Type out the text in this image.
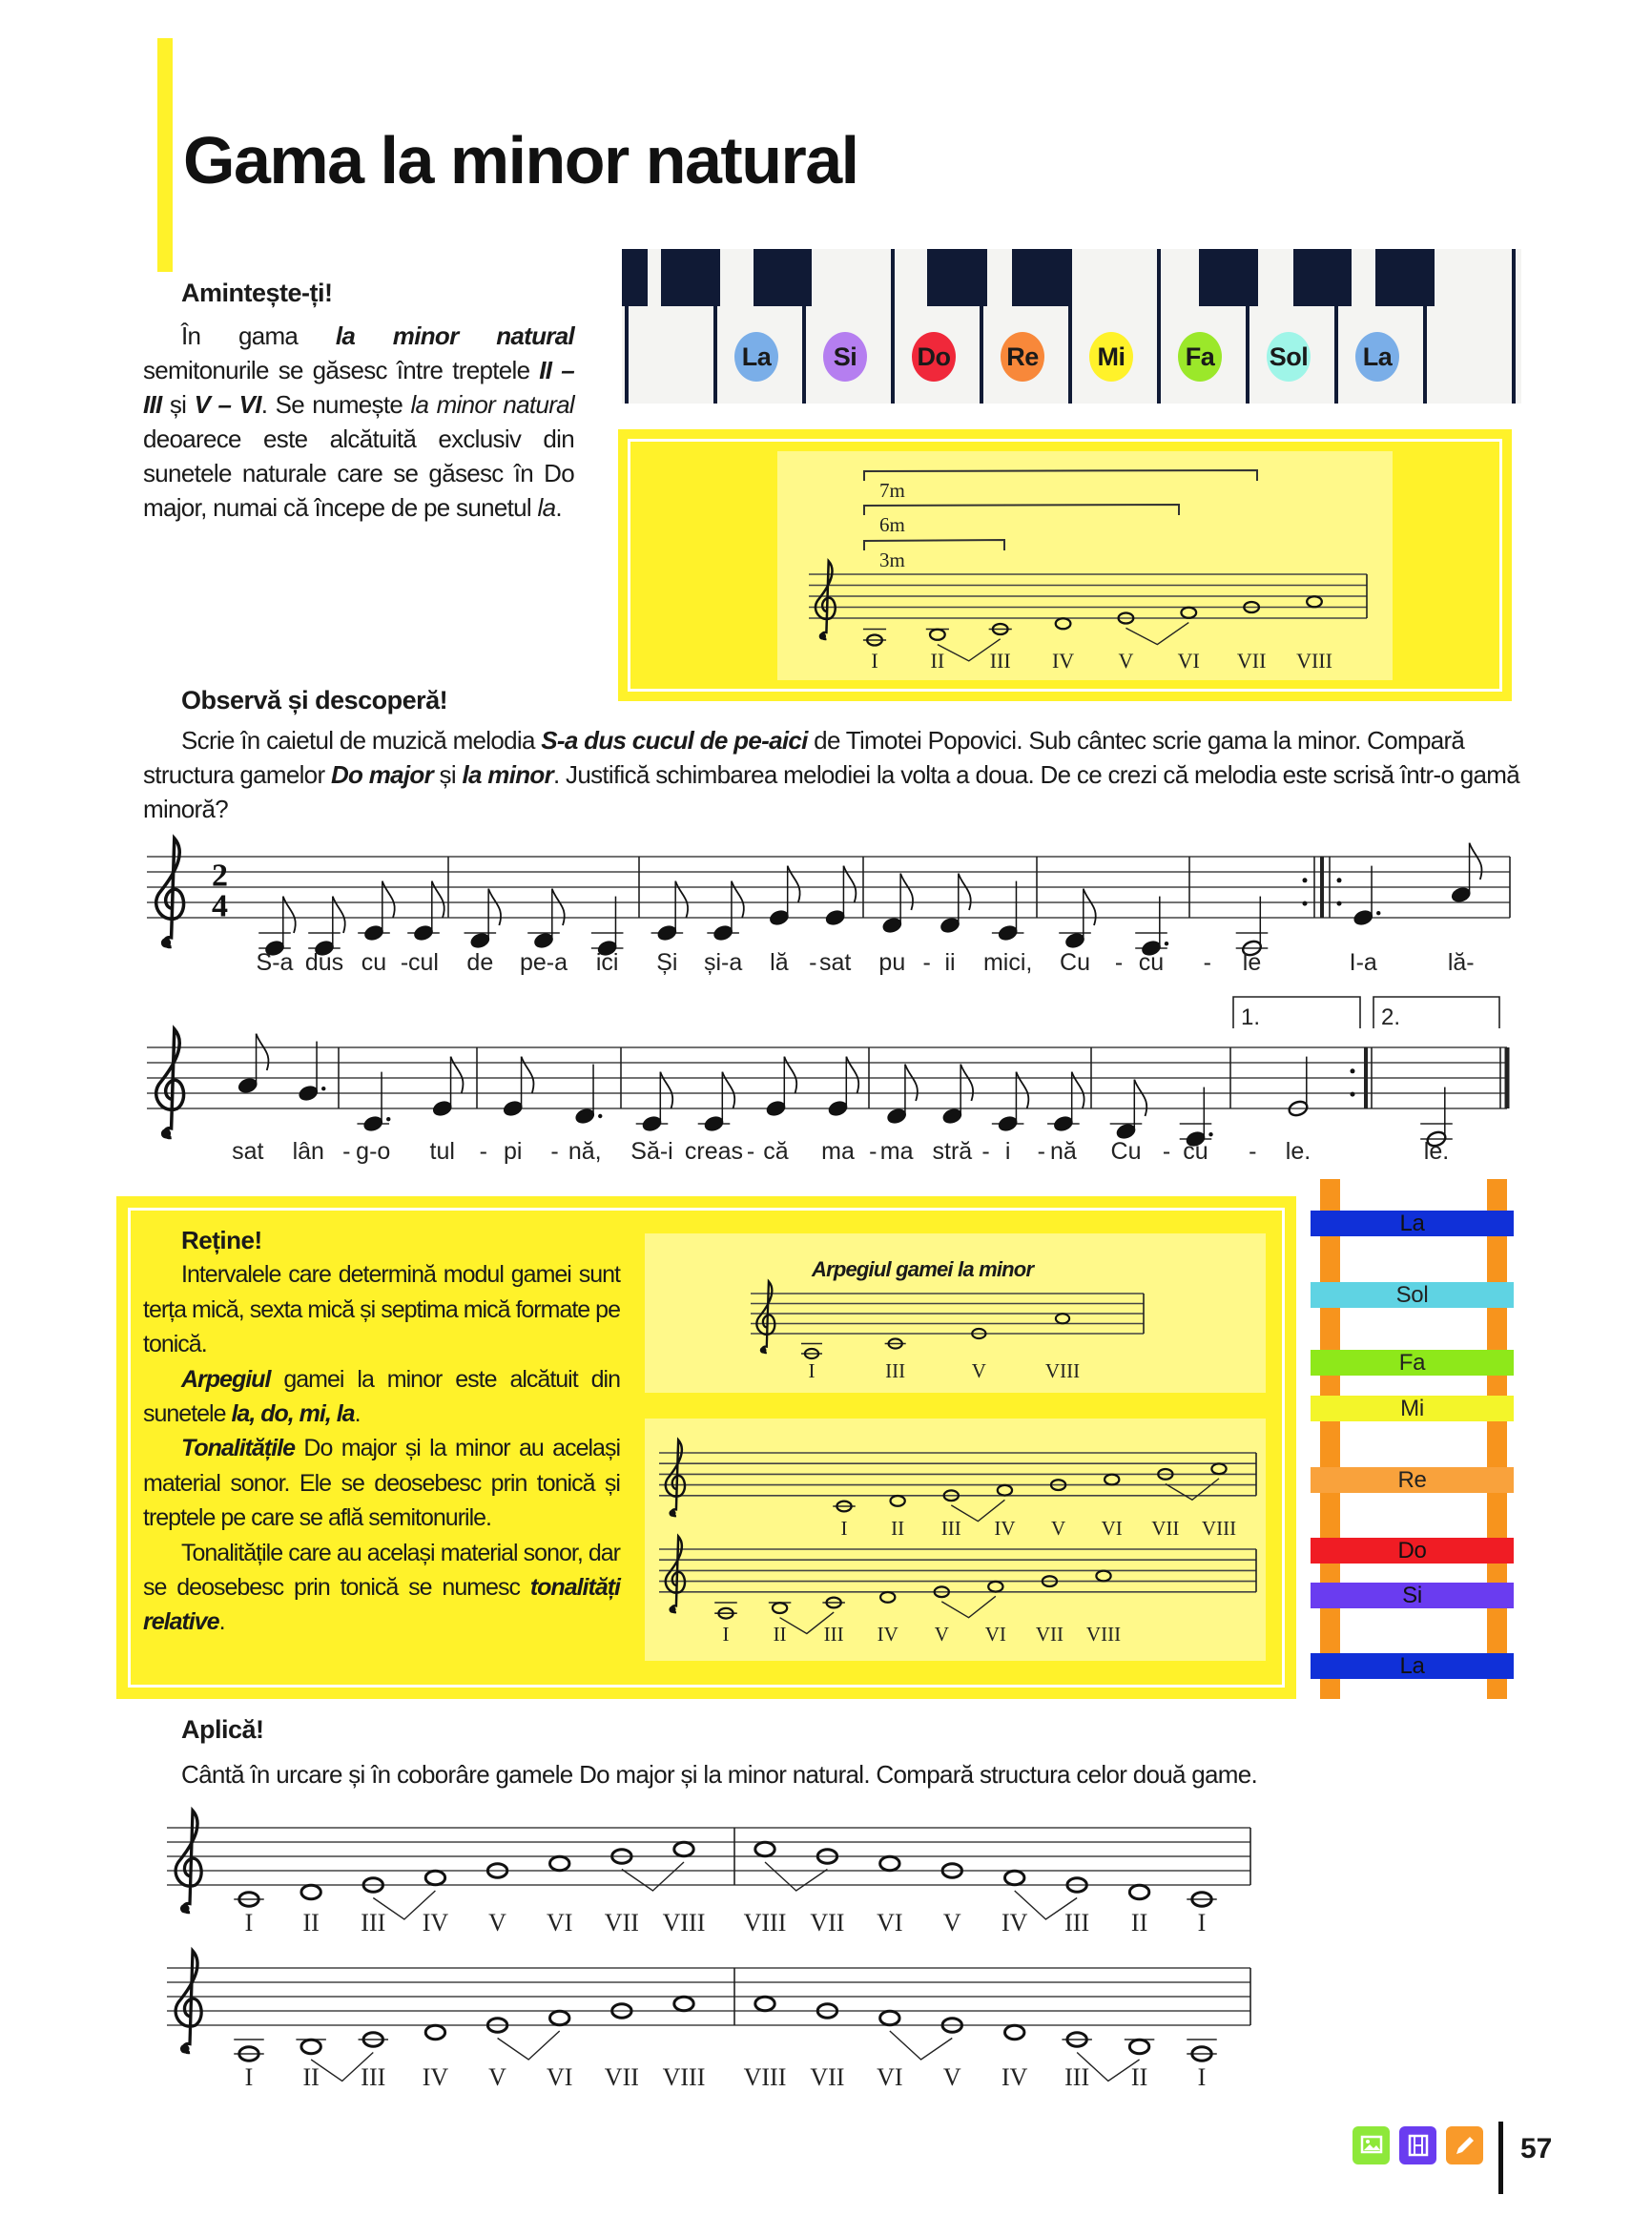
Gama la minor natural
Amintește-ți!

În gama la minor natural semitonurile se găsesc între treptele II – III și V – VI. Se numește la minor natural deoarece este alcătuită exclusiv din sunetele naturale care se găsesc în Do major, numai că începe de pe sunetul la.

La	Si	Do Re	Mi	Fa Sol La
Observă și descoperă!

Scrie în caietul de muzică melodia S-a dus cucul de pe-aici de Timotei Popovici. Sub cântec scrie gama la minor. Compară structura gamelor Do major și la minor. Justifică schimbarea melodiei la volta a doua. De ce crezi că melodia este scrisă într-o gamă minoră?

Reține!

Intervalele care determină modul gamei sunt terța mică, sexta mică și septima mică formate pe tonică.

Arpegiul gamei la minor este alcătuit din sunetele la, do, mi, la.

Tonalitățile Do major și la minor au același material sonor. Ele se deosebesc prin tonică și treptele pe care se află semitonurile.

Tonalitățile care au același material sonor, dar se deosebesc prin tonică se numesc tonalități relative.

Arpegiul gamei la minor
La
Sol
Fa
Mi
Re
Do
Si
La
Aplică!

Cântă în urcare și în coborâre gamele Do major și la minor natural. Compară structura celor două game.

I II III IV V VI VII VIII
7m
6m
3m
I	III	V	VIII
I II III IV V VI VII VIII
I II III IV V VI VII VIII
I II III IV V VI VII VIII VIII VII VI V IV III II I
I II III IV V VI VII VIII VIII VII VI V IV III II I
S-a dus cu - cul de pe-a ici Și și-a lă - sat pu - ii mici, Cu - cu - le	I-a	lă-
2
4
sat lân - g-o tul - pi - nă, Să-i creas - că ma - ma stră - i - nă Cu - cu - le.	le.
1.	2.
57
